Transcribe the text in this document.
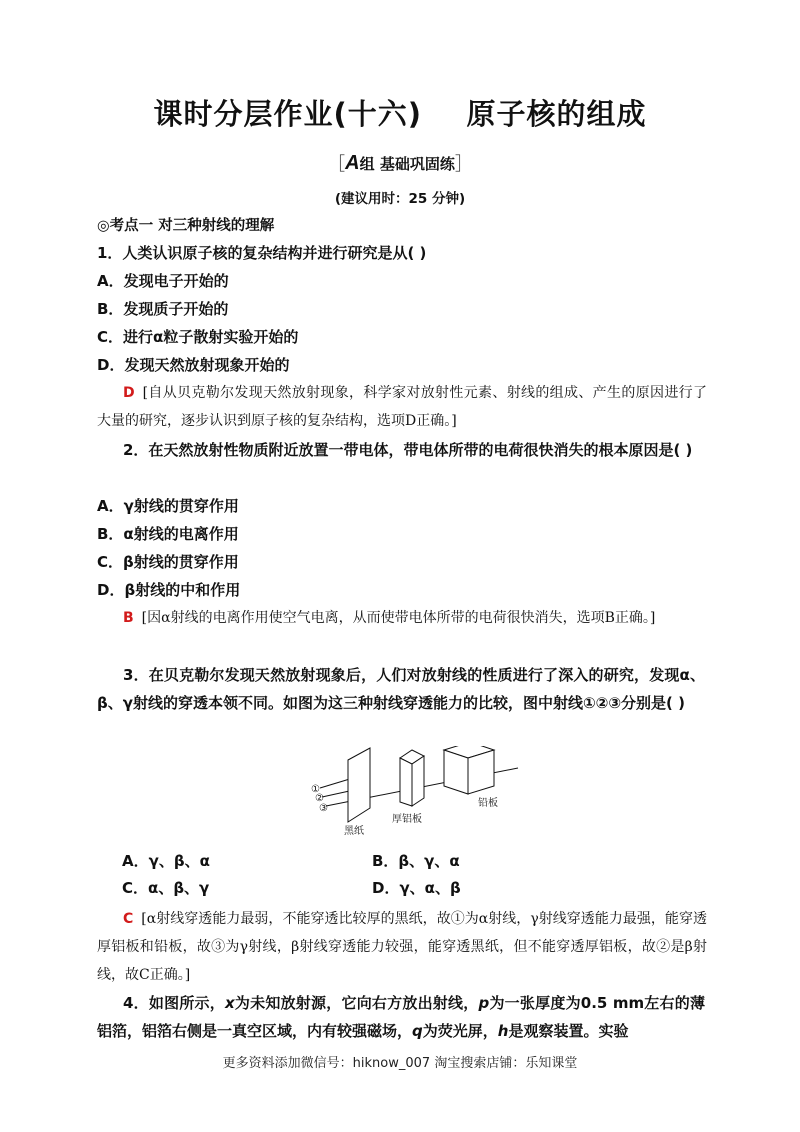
课时分层作业(十六)    原子核的组成
［A组 基础巩固练］
(建议用时：25 分钟)
◎考点一 对三种射线的理解
1．人类认识原子核的复杂结构并进行研究是从( )
A．发现电子开始的
B．发现质子开始的
C．进行α粒子散射实验开始的
D．发现天然放射现象开始的
D [自从贝克勒尔发现天然放射现象，科学家对放射性元素、射线的组成、产生的原因进行了大量的研究，逐步认识到原子核的复杂结构，选项D正确。]
2．在天然放射性物质附近放置一带电体，带电体所带的电荷很快消失的根本原因是( )
A．γ射线的贯穿作用
B．α射线的电离作用
C．β射线的贯穿作用
D．β射线的中和作用
B [因α射线的电离作用使空气电离，从而使带电体所带的电荷很快消失，选项B正确。]
3．在贝克勒尔发现天然放射现象后，人们对放射线的性质进行了深入的研究，发现α、β、γ射线的穿透本领不同。如图为这三种射线穿透能力的比较，图中射线①②③分别是( )
①
②
③
黑纸
厚铝板
铅板
A．γ、β、α	B．β、γ、α
C．α、β、γ	D．γ、α、β
C [α射线穿透能力最弱，不能穿透比较厚的黑纸，故①为α射线，γ射线穿透能力最强，能穿透厚铝板和铅板，故③为γ射线，β射线穿透能力较强，能穿透黑纸，但不能穿透厚铝板，故②是β射线，故C正确。]
4．如图所示，x为未知放射源，它向右方放出射线，p为一张厚度为0.5 mm左右的薄铝箔，铝箔右侧是一真空区域，内有较强磁场，q为荧光屏，h是观察装置。实验
更多资料添加微信号：hiknow_007 淘宝搜索店铺：乐知课堂
